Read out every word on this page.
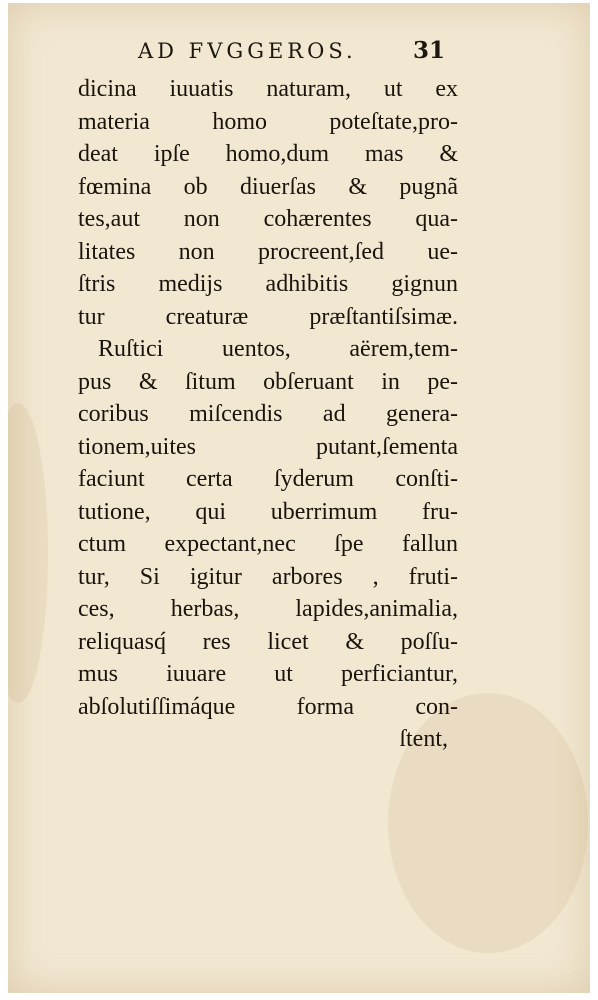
AD FVGGEROS. 31
dicina iuuatis naturam, ut ex
materia homo poteſtate,pro-
deat ipſe homo,dum mas &
fœmina ob diuerſas & pugnã
tes,aut non cohærentes qua-
litates non procreent,ſed ue-
ſtris medijs adhibitis gignun
tur creaturæ præſtantiſsimæ.
Ruſtici uentos, aërem,tem-
pus & ſitum obſeruant in pe-
coribus miſcendis ad genera-
tionem,uites putant,ſementa
faciunt certa ſyderum conſti-
tutione, qui uberrimum fru-
ctum expectant,nec ſpe fallun
tur, Si igitur arbores , fruti-
ces, herbas, lapides,animalia,
reliquasq́ res licet & poſſu-
mus iuuare ut perficiantur,
abſolutiſſimáque forma con-
ſtent,
